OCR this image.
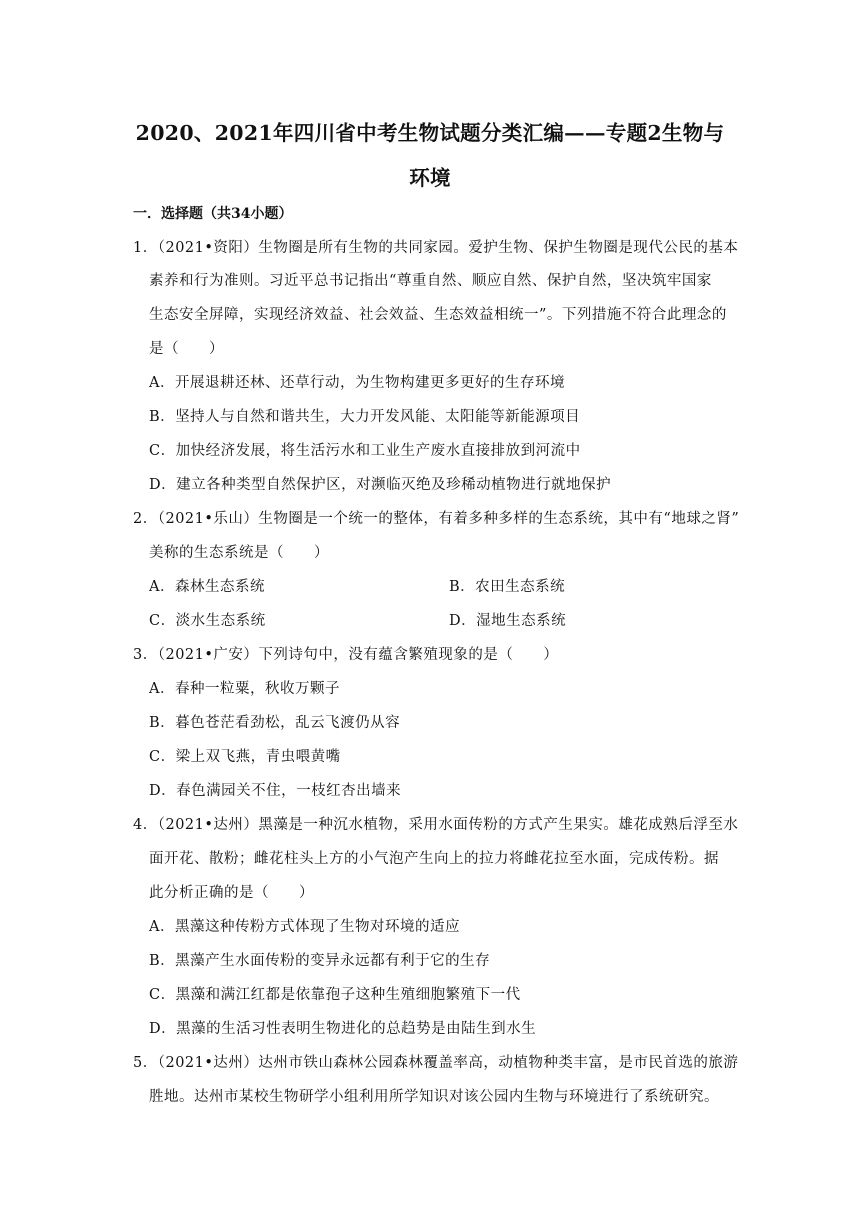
2020、2021年四川省中考生物试题分类汇编——专题2生物与
环境
一．选择题（共34小题）
1．（2021•资阳）生物圈是所有生物的共同家园。爱护生物、保护生物圈是现代公民的基本
素养和行为准则。习近平总书记指出“尊重自然、顺应自然、保护自然，坚决筑牢国家
生态安全屏障，实现经济效益、社会效益、生态效益相统一”。下列措施不符合此理念的
是（　　）
A．开展退耕还林、还草行动，为生物构建更多更好的生存环境
B．坚持人与自然和谐共生，大力开发风能、太阳能等新能源项目
C．加快经济发展，将生活污水和工业生产废水直接排放到河流中
D．建立各种类型自然保护区，对濒临灭绝及珍稀动植物进行就地保护
2．（2021•乐山）生物圈是一个统一的整体，有着多种多样的生态系统，其中有“地球之肾”
美称的生态系统是（　　）
A．森林生态系统	B．农田生态系统
C．淡水生态系统	D．湿地生态系统
3．（2021•广安）下列诗句中，没有蕴含繁殖现象的是（　　）
A．春种一粒粟，秋收万颗子
B．暮色苍茫看劲松，乱云飞渡仍从容
C．梁上双飞燕，青虫喂黄嘴
D．春色满园关不住，一枝红杏出墙来
4．（2021•达州）黑藻是一种沉水植物，采用水面传粉的方式产生果实。雄花成熟后浮至水
面开花、散粉；雌花柱头上方的小气泡产生向上的拉力将雌花拉至水面，完成传粉。据
此分析正确的是（　　）
A．黑藻这种传粉方式体现了生物对环境的适应
B．黑藻产生水面传粉的变异永远都有利于它的生存
C．黑藻和满江红都是依靠孢子这种生殖细胞繁殖下一代
D．黑藻的生活习性表明生物进化的总趋势是由陆生到水生
5．（2021•达州）达州市铁山森林公园森林覆盖率高，动植物种类丰富，是市民首选的旅游
胜地。达州市某校生物研学小组利用所学知识对该公园内生物与环境进行了系统研究。
